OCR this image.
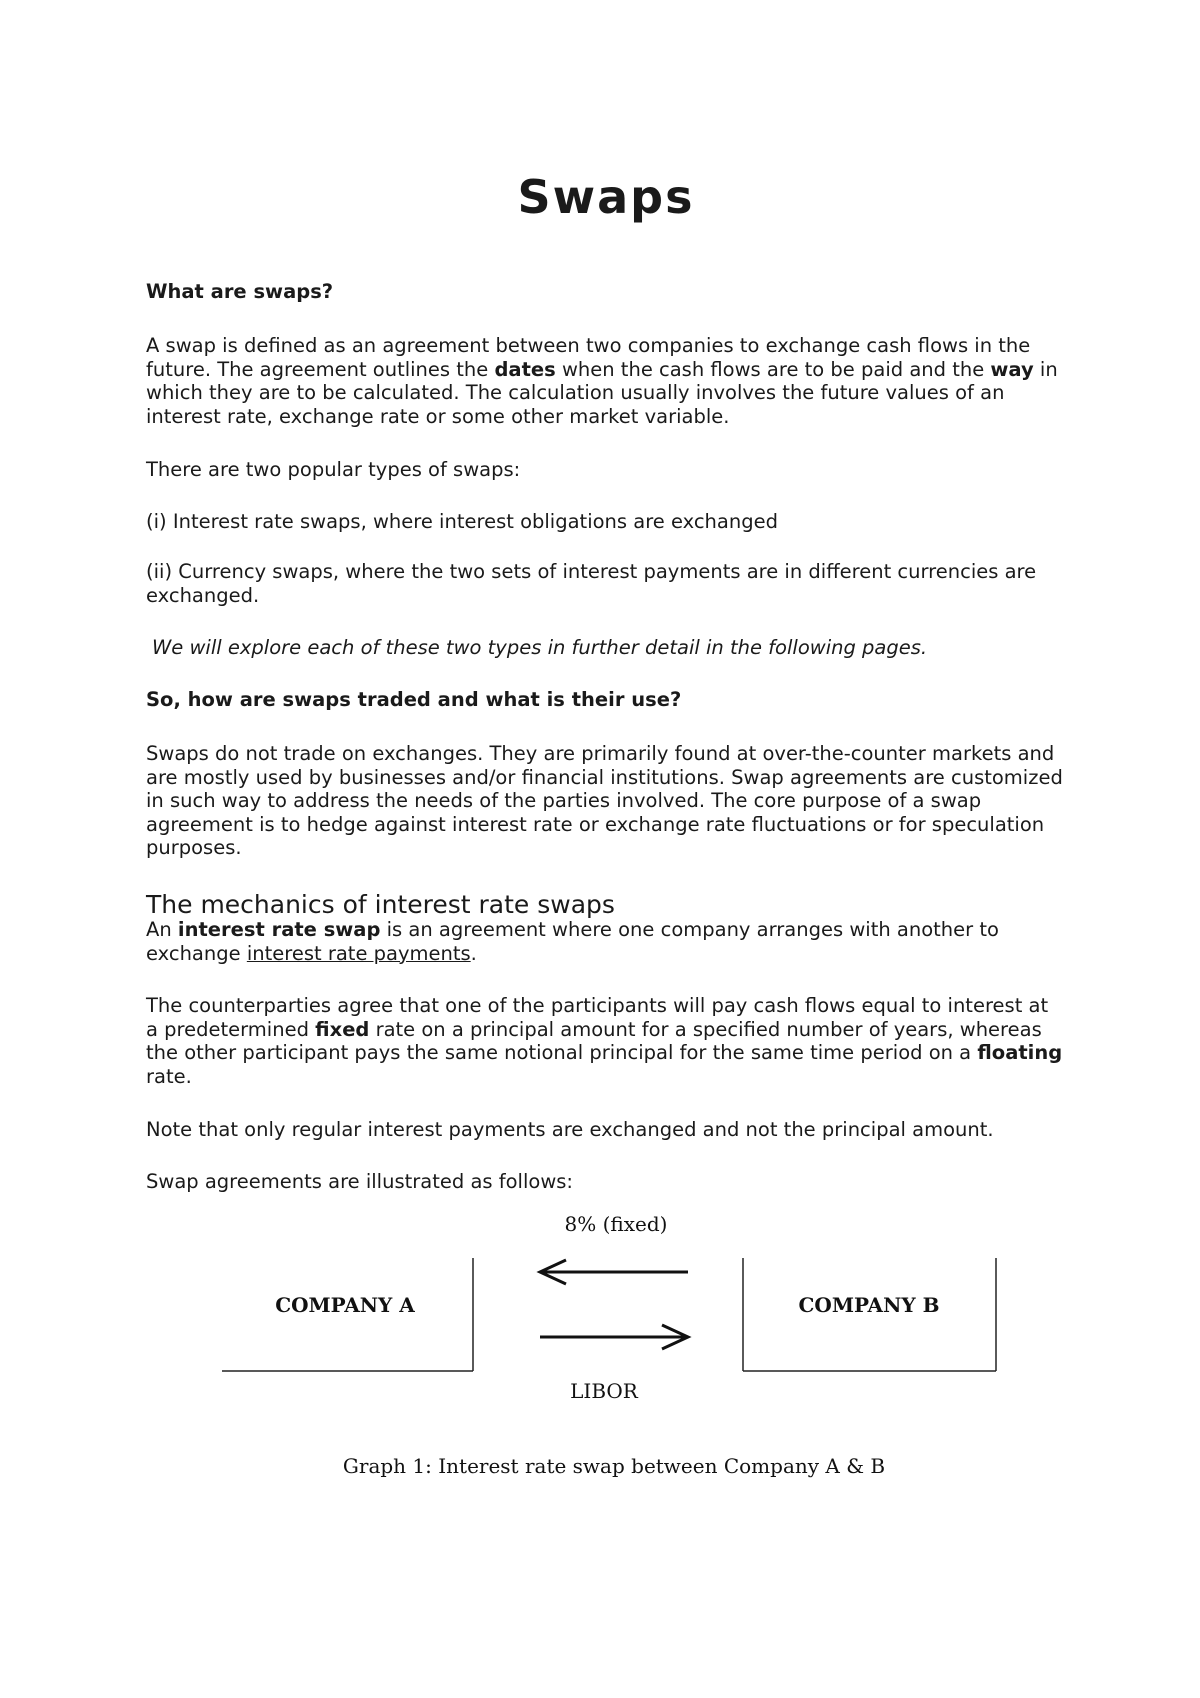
Swaps

What are swaps?

A swap is defined as an agreement between two companies to exchange cash flows in the future. The agreement outlines the dates when the cash flows are to be paid and the way in which they are to be calculated. The calculation usually involves the future values of an interest rate, exchange rate or some other market variable.

There are two popular types of swaps:

(i) Interest rate swaps, where interest obligations are exchanged

(ii) Currency swaps, where the two sets of interest payments are in different currencies are exchanged.

We will explore each of these two types in further detail in the following pages.

So, how are swaps traded and what is their use?

Swaps do not trade on exchanges. They are primarily found at over-the-counter markets and are mostly used by businesses and/or financial institutions. Swap agreements are customized in such way to address the needs of the parties involved. The core purpose of a swap agreement is to hedge against interest rate or exchange rate fluctuations or for speculation purposes.

The mechanics of interest rate swaps

An interest rate swap is an agreement where one company arranges with another to exchange interest rate payments.

The counterparties agree that one of the participants will pay cash flows equal to interest at a predetermined fixed rate on a principal amount for a specified number of years, whereas the other participant pays the same notional principal for the same time period on a floating rate.

Note that only regular interest payments are exchanged and not the principal amount.

Swap agreements are illustrated as follows:

COMPANY A	COMPANY B
8% (fixed)
LIBOR
Graph 1: Interest rate swap between Company A & B
